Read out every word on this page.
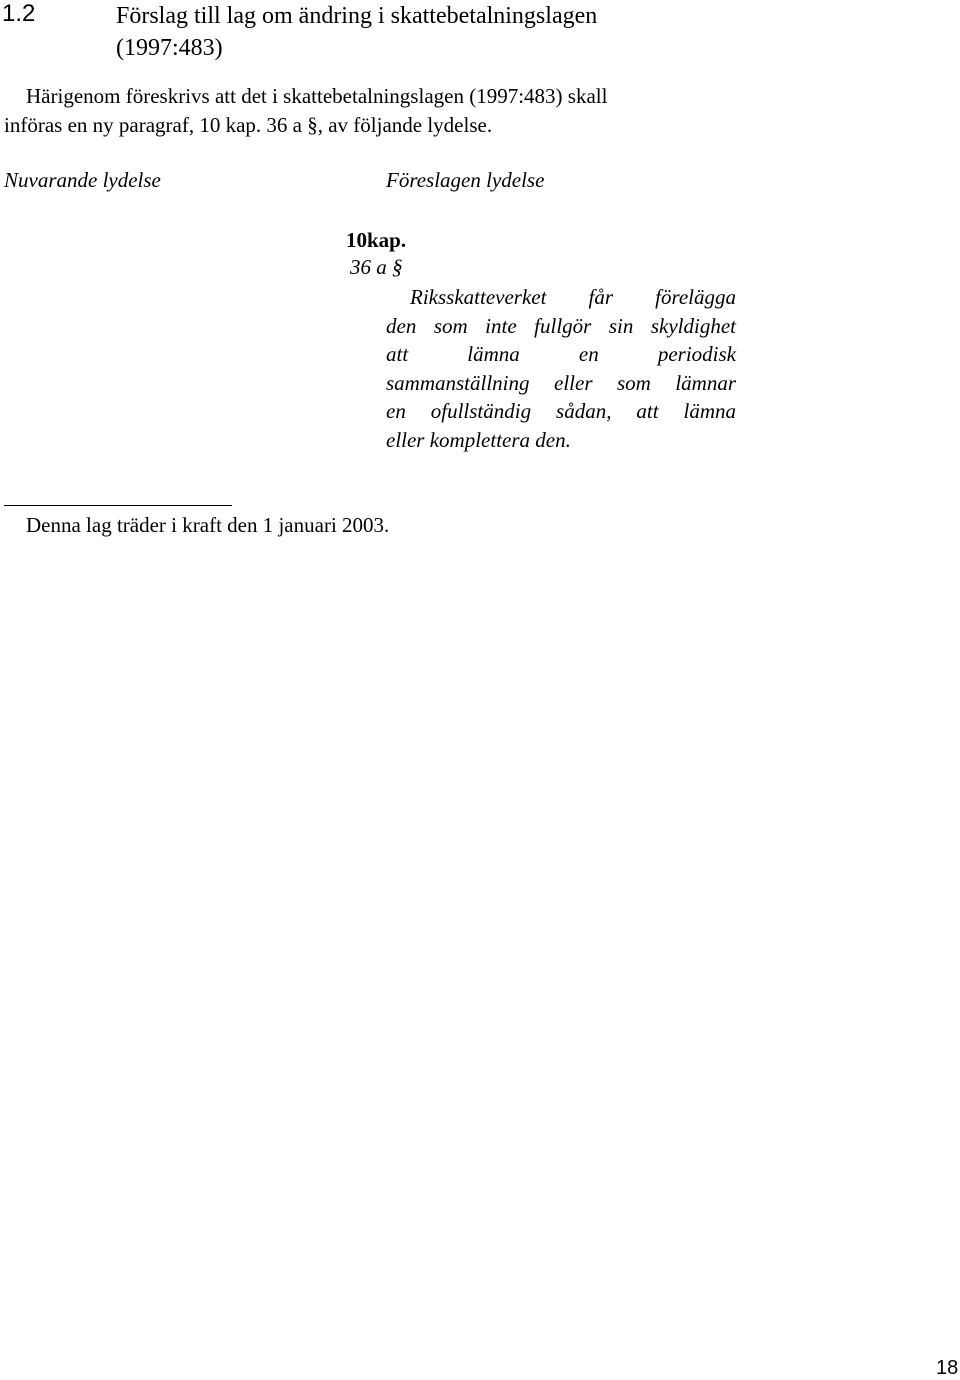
1.2	Förslag till lag om ändring i skattebetalningslagen
(1997:483)
Härigenom föreskrivs att det i skattebetalningslagen (1997:483) skall
införas en ny paragraf, 10 kap. 36 a §, av följande lydelse.
Nuvarande lydelse	Föreslagen lydelse
10kap.
36 a §
Riksskatteverket får förelägga
den som inte fullgör sin skyldighet
att lämna en periodisk
sammanställning eller som lämnar
en ofullständig sådan, att lämna
eller komplettera den.
Denna lag träder i kraft den 1 januari 2003.
18
